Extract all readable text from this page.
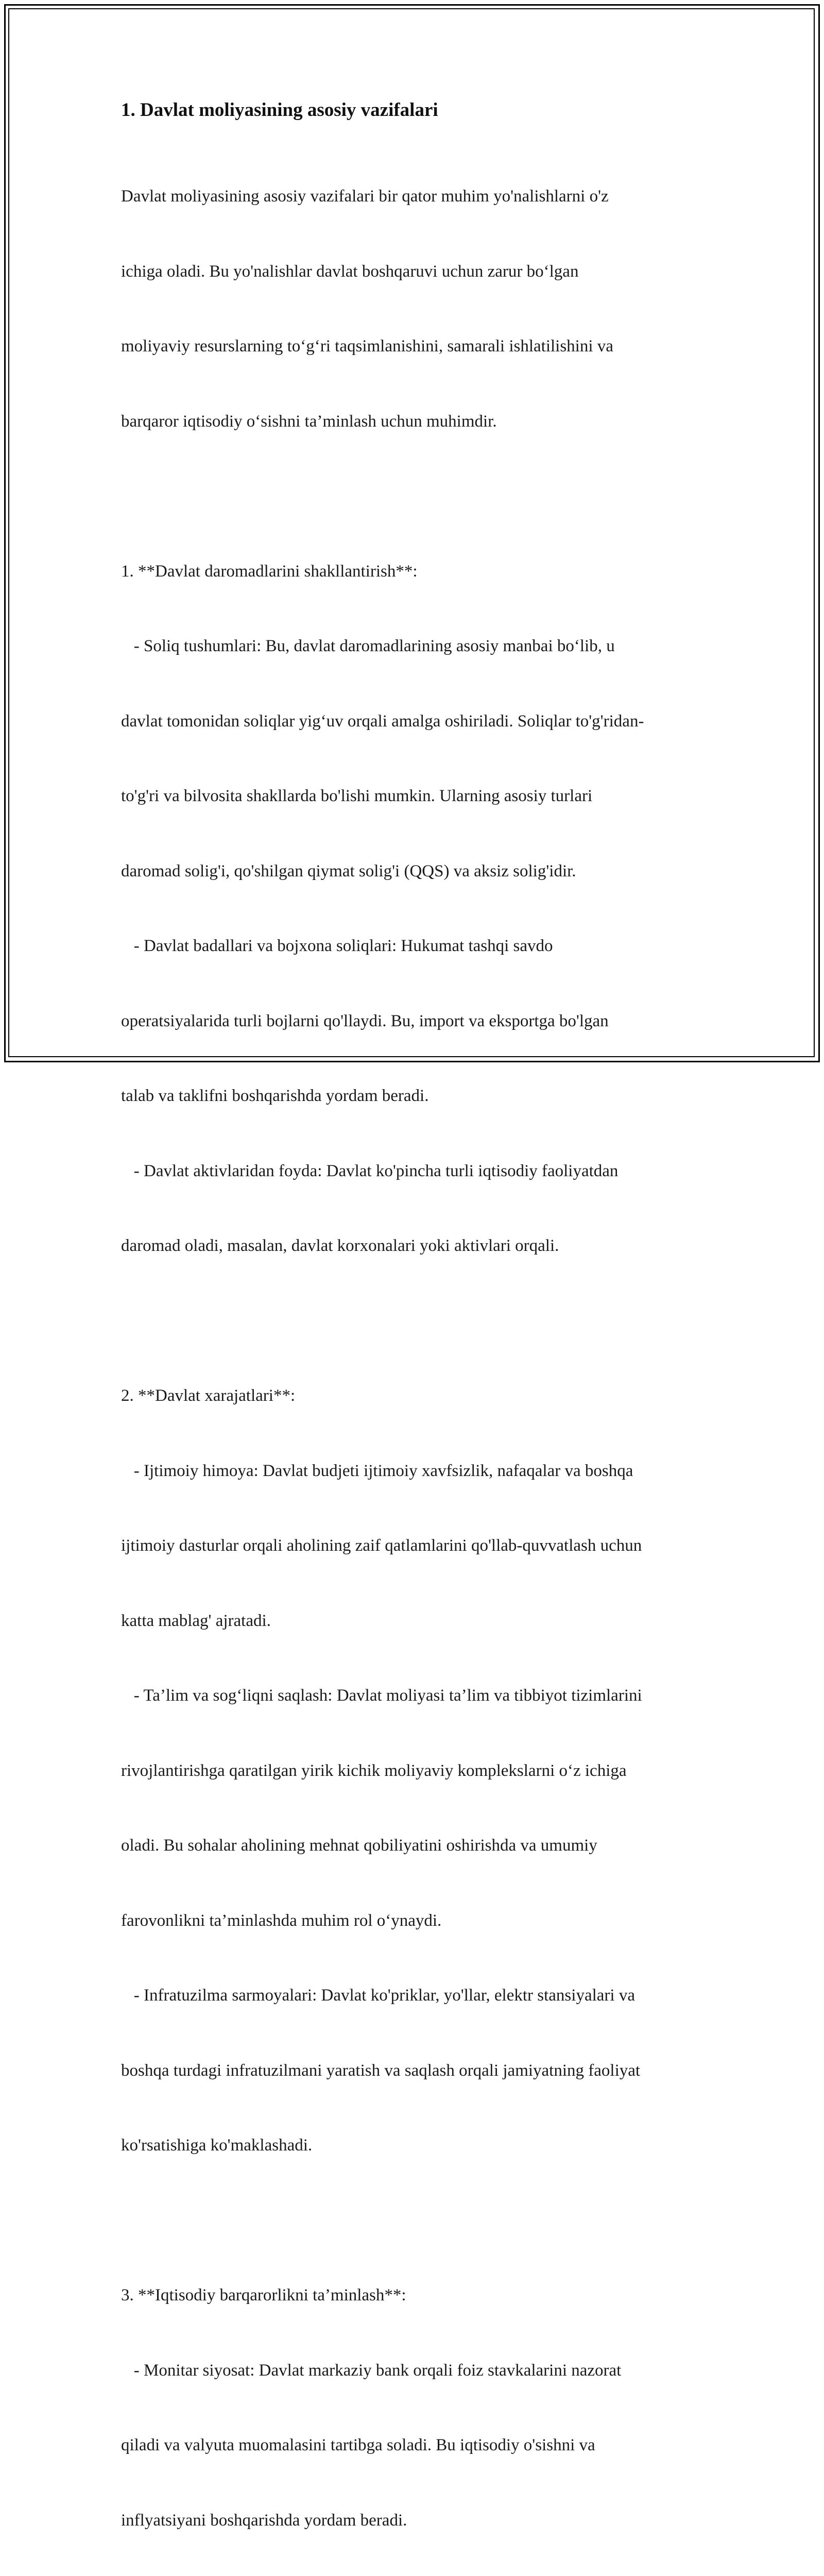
1. Davlat moliyasining asosiy vazifalari

Davlat moliyasining asosiy vazifalari bir qator muhim yo'nalishlarni o'z

ichiga oladi. Bu yo'nalishlar davlat boshqaruvi uchun zarur bo‘lgan

moliyaviy resurslarning to‘g‘ri taqsimlanishini, samarali ishlatilishini va

barqaror iqtisodiy o‘sishni ta’minlash uchun muhimdir.

1. **Davlat daromadlarini shakllantirish**:

- Soliq tushumlari: Bu, davlat daromadlarining asosiy manbai bo‘lib, u

davlat tomonidan soliqlar yig‘uv orqali amalga oshiriladi. Soliqlar to'g'ridan-

to'g'ri va bilvosita shakllarda bo'lishi mumkin. Ularning asosiy turlari

daromad solig'i, qo'shilgan qiymat solig'i (QQS) va aksiz solig'idir.

- Davlat badallari va bojxona soliqlari: Hukumat tashqi savdo

operatsiyalarida turli bojlarni qo'llaydi. Bu, import va eksportga bo'lgan

talab va taklifni boshqarishda yordam beradi.

- Davlat aktivlaridan foyda: Davlat ko'pincha turli iqtisodiy faoliyatdan

daromad oladi, masalan, davlat korxonalari yoki aktivlari orqali.

2. **Davlat xarajatlari**:

- Ijtimoiy himoya: Davlat budjeti ijtimoiy xavfsizlik, nafaqalar va boshqa

ijtimoiy dasturlar orqali aholining zaif qatlamlarini qo'llab-quvvatlash uchun

katta mablag' ajratadi.

- Ta’lim va sog‘liqni saqlash: Davlat moliyasi ta’lim va tibbiyot tizimlarini

rivojlantirishga qaratilgan yirik kichik moliyaviy komplekslarni o‘z ichiga

oladi. Bu sohalar aholining mehnat qobiliyatini oshirishda va umumiy

farovonlikni ta’minlashda muhim rol o‘ynaydi.

- Infratuzilma sarmoyalari: Davlat ko'priklar, yo'llar, elektr stansiyalari va

boshqa turdagi infratuzilmani yaratish va saqlash orqali jamiyatning faoliyat

ko'rsatishiga ko'maklashadi.

3. **Iqtisodiy barqarorlikni ta’minlash**:

- Monitar siyosat: Davlat markaziy bank orqali foiz stavkalarini nazorat

qiladi va valyuta muomalasini tartibga soladi. Bu iqtisodiy o'sishni va

inflyatsiyani boshqarishda yordam beradi.
